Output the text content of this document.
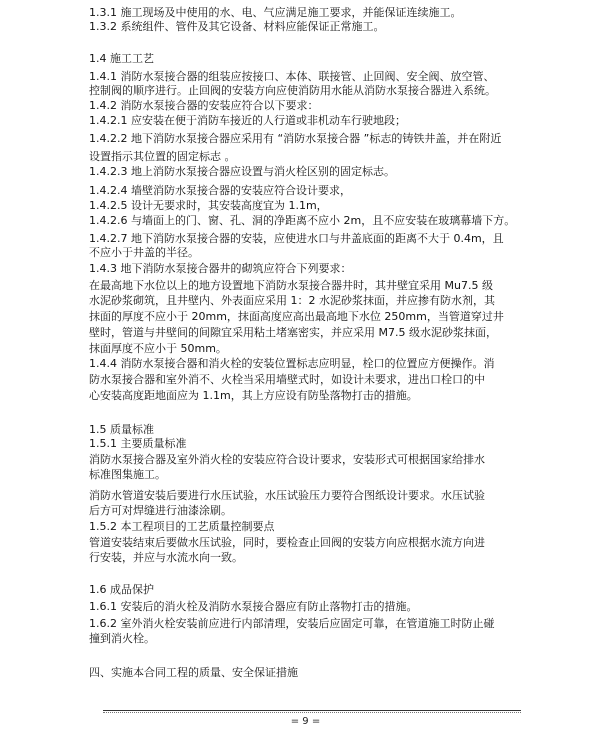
1.3.1 施工现场及中使用的水、电、气应满足施工要求，并能保证连续施工。
1.3.2 系统组件、管件及其它设备、材料应能保证正常施工。
1.4 施工工艺
1.4.1 消防水泵接合器的组装应按接口、本体、联接管、止回阀、安全阀、放空管、
控制阀的顺序进行。止回阀的安装方向应使消防用水能从消防水泵接合器进入系统。
1.4.2 消防水泵接合器的安装应符合以下要求：
1.4.2.1 应安装在便于消防车接近的人行道或非机动车行驶地段；
1.4.2.2 地下消防水泵接合器应采用有 “消防水泵接合器 ”标志的铸铁井盖，并在附近
设置指示其位置的固定标志 。
1.4.2.3 地上消防水泵接合器应设置与消火栓区别的固定标志。
1.4.2.4 墙壁消防水泵接合器的安装应符合设计要求，
1.4.2.5 设计无要求时，其安装高度宜为 1.1m，
1.4.2.6 与墙面上的门、窗、孔、洞的净距离不应小 2m，且不应安装在玻璃幕墙下方。
1.4.2.7 地下消防水泵接合器的安装，应使进水口与井盖底面的距离不大于 0.4m，且
不应小于井盖的半径。
1.4.3 地下消防水泵接合器井的砌筑应符合下列要求：
在最高地下水位以上的地方设置地下消防水泵接合器井时，其井壁宜采用 Mu7.5 级
水泥砂浆砌筑，且井壁内、外表面应采用 1：2 水泥砂浆抹面，并应掺有防水剂，其
抹面的厚度不应小于 20mm，抹面高度应高出最高地下水位 250mm，当管道穿过井
壁时，管道与井壁间的间隙宜采用粘土堵塞密实，并应采用 M7.5 级水泥砂浆抹面，
抹面厚度不应小于 50mm。
1.4.4 消防水泵接合器和消火栓的安装位置标志应明显，栓口的位置应方便操作。消
防水泵接合器和室外消不、火栓当采用墙壁式时，如设计未要求，进出口栓口的中
心安装高度距地面应为 1.1m，其上方应设有防坠落物打击的措施。
1.5 质量标准
1.5.1 主要质量标准
消防水泵接合器及室外消火栓的安装应符合设计要求，安装形式可根据国家给排水
标准图集施工。
消防水管道安装后要进行水压试验，水压试验压力要符合图纸设计要求。水压试验
后方可对焊缝进行油漆涂刷。
1.5.2 本工程项目的工艺质量控制要点
管道安装结束后要做水压试验，同时，要检查止回阀的安装方向应根据水流方向进
行安装，并应与水流水向一致。
1.6 成品保护
1.6.1 安装后的消火栓及消防水泵接合器应有防止落物打击的措施。
1.6.2 室外消火栓安装前应进行内部清理，安装后应固定可靠，在管道施工时防止碰
撞到消火栓。
四、实施本合同工程的质量、安全保证措施
= 9 =
